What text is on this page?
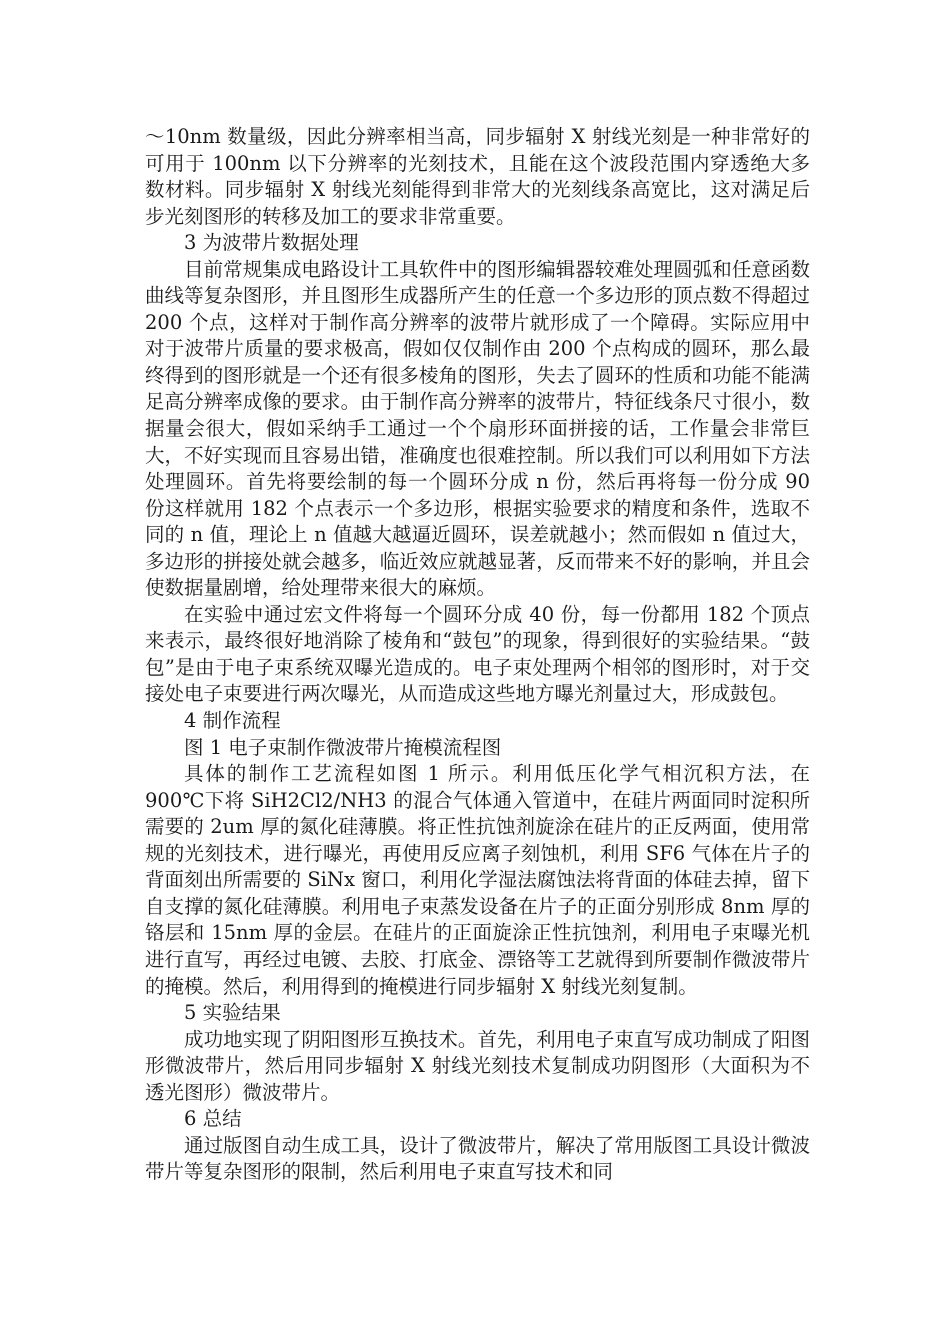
～10nm 数量级，因此分辨率相当高，同步辐射 X 射线光刻是一种非常好的可用于 100nm 以下分辨率的光刻技术，且能在这个波段范围内穿透绝大多数材料。同步辐射 X 射线光刻能得到非常大的光刻线条高宽比，这对满足后步光刻图形的转移及加工的要求非常重要。

3 为波带片数据处理

目前常规集成电路设计工具软件中的图形编辑器较难处理圆弧和任意函数曲线等复杂图形，并且图形生成器所产生的任意一个多边形的顶点数不得超过 200 个点，这样对于制作高分辨率的波带片就形成了一个障碍。实际应用中对于波带片质量的要求极高，假如仅仅制作由 200 个点构成的圆环，那么最终得到的图形就是一个还有很多棱角的图形，失去了圆环的性质和功能不能满足高分辨率成像的要求。由于制作高分辨率的波带片，特征线条尺寸很小，数据量会很大，假如采纳手工通过一个个扇形环面拼接的话，工作量会非常巨大，不好实现而且容易出错，准确度也很难控制。所以我们可以利用如下方法处理圆环。首先将要绘制的每一个圆环分成 n 份，然后再将每一份分成 90 份这样就用 182 个点表示一个多边形，根据实验要求的精度和条件，选取不同的 n 值，理论上 n 值越大越逼近圆环，误差就越小；然而假如 n 值过大，多边形的拼接处就会越多，临近效应就越显著，反而带来不好的影响，并且会使数据量剧增，给处理带来很大的麻烦。

在实验中通过宏文件将每一个圆环分成 40 份，每一份都用 182 个顶点来表示，最终很好地消除了棱角和“鼓包”的现象，得到很好的实验结果。“鼓包”是由于电子束系统双曝光造成的。电子束处理两个相邻的图形时，对于交接处电子束要进行两次曝光，从而造成这些地方曝光剂量过大，形成鼓包。

4 制作流程

图 1 电子束制作微波带片掩模流程图

具体的制作工艺流程如图 1 所示。利用低压化学气相沉积方法，在 900℃下将 SiH2Cl2/NH3 的混合气体通入管道中，在硅片两面同时淀积所需要的 2um 厚的氮化硅薄膜。将正性抗蚀剂旋涂在硅片的正反两面，使用常规的光刻技术，进行曝光，再使用反应离子刻蚀机，利用 SF6 气体在片子的背面刻出所需要的 SiNx 窗口，利用化学湿法腐蚀法将背面的体硅去掉，留下自支撑的氮化硅薄膜。利用电子束蒸发设备在片子的正面分别形成 8nm 厚的铬层和 15nm 厚的金层。在硅片的正面旋涂正性抗蚀剂，利用电子束曝光机进行直写，再经过电镀、去胶、打底金、漂铬等工艺就得到所要制作微波带片的掩模。然后，利用得到的掩模进行同步辐射 X 射线光刻复制。

5 实验结果

成功地实现了阴阳图形互换技术。首先，利用电子束直写成功制成了阳图形微波带片，然后用同步辐射 X 射线光刻技术复制成功阴图形（大面积为不透光图形）微波带片。

6 总结

通过版图自动生成工具，设计了微波带片，解决了常用版图工具设计微波带片等复杂图形的限制，然后利用电子束直写技术和同
